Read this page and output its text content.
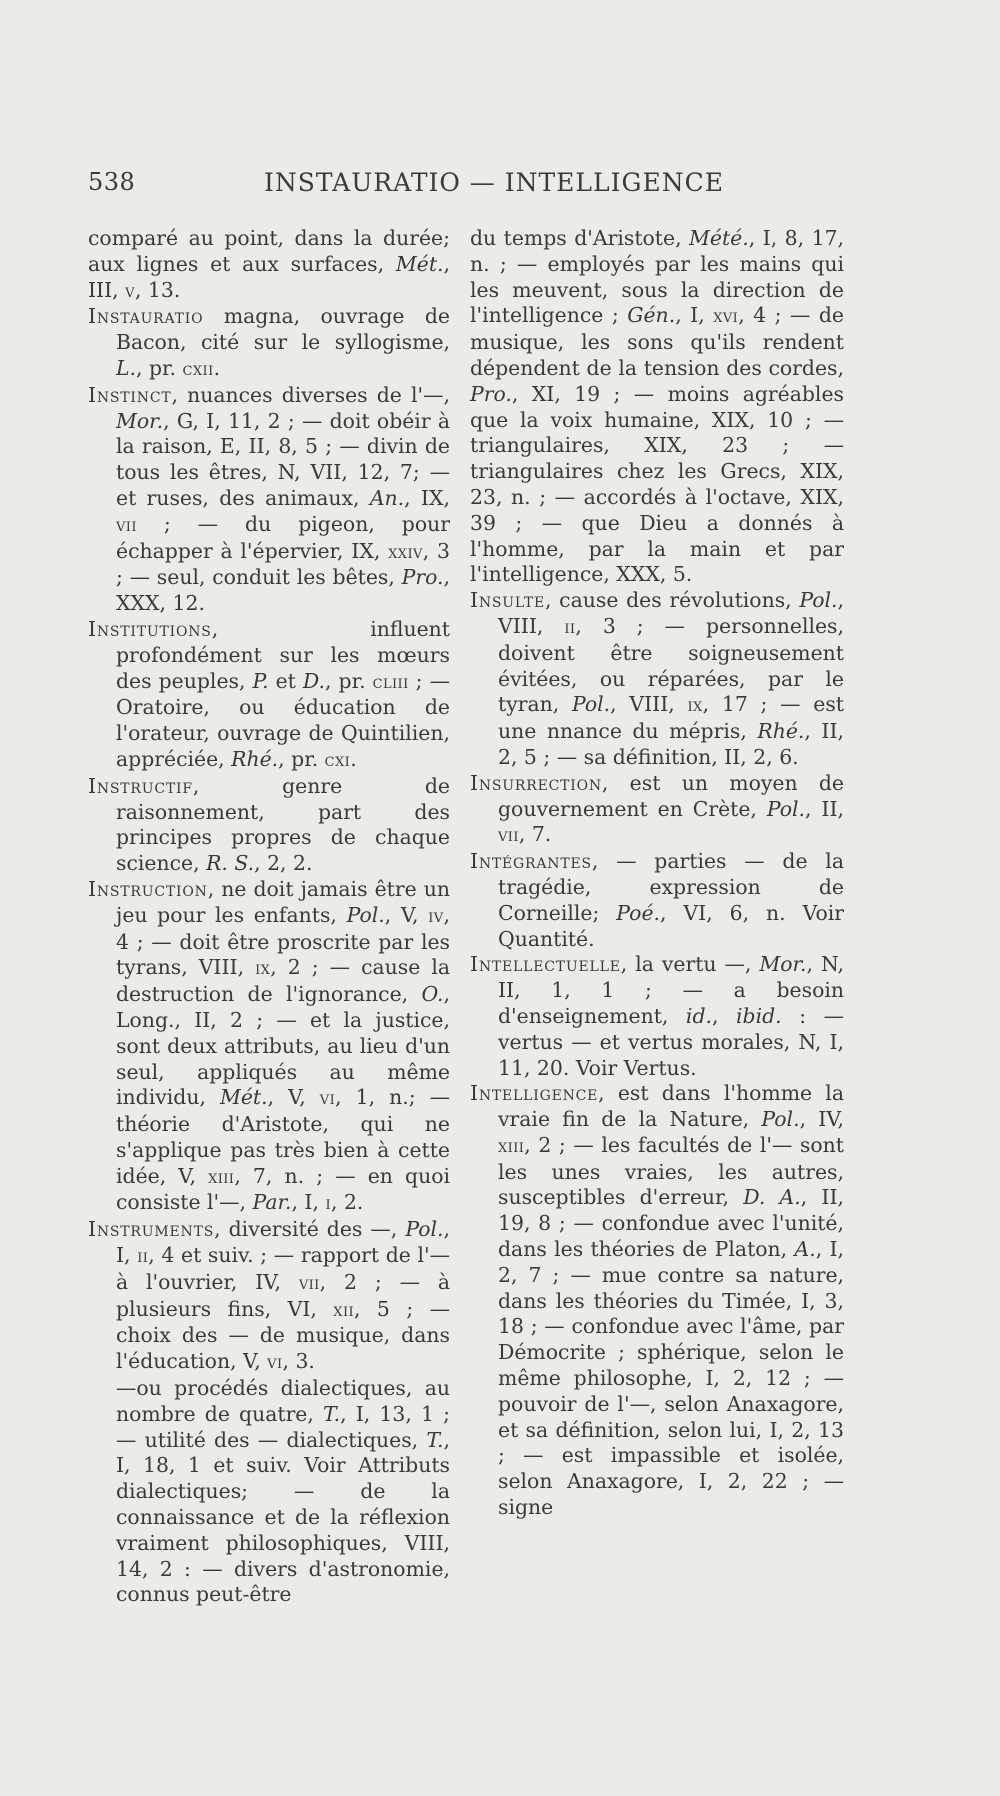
538	INSTAURATIO — INTELLIGENCE

comparé au point, dans la durée; aux lignes et aux surfaces, Mét., III, v, 13.

Instauratio magna, ouvrage de Bacon, cité sur le syllogisme, L., pr. cxii.

Instinct, nuances diverses de l'—, Mor., G, I, 11, 2 ; — doit obéir à la raison, E, II, 8, 5 ; — divin de tous les êtres, N, VII, 12, 7; — et ruses, des animaux, An., IX, vii ; — du pigeon, pour échapper à l'épervier, IX, xxiv, 3 ; — seul, conduit les bêtes, Pro., XXX, 12.

Institutions, influent profondément sur les mœurs des peuples, P. et D., pr. cliii ; — Oratoire, ou éducation de l'orateur, ouvrage de Quintilien, appréciée, Rhé., pr. cxi.

Instructif, genre de raisonnement, part des principes propres de chaque science, R. S., 2, 2.

Instruction, ne doit jamais être un jeu pour les enfants, Pol., V, iv, 4 ; — doit être proscrite par les tyrans, VIII, ix, 2 ; — cause la destruction de l'ignorance, O., Long., II, 2 ; — et la justice, sont deux attributs, au lieu d'un seul, appliqués au même individu, Mét., V, vi, 1, n.; — théorie d'Aristote, qui ne s'applique pas très bien à cette idée, V, xiii, 7, n. ; — en quoi consiste l'—, Par., I, i, 2.

Instruments, diversité des —, Pol., I, ii, 4 et suiv. ; — rapport de l'— à l'ouvrier, IV, vii, 2 ; — à plusieurs fins, VI, xii, 5 ; — choix des — de musique, dans l'éducation, V, vi, 3.

—ou procédés dialectiques, au nombre de quatre, T., I, 13, 1 ; — utilité des — dialectiques, T., I, 18, 1 et suiv. Voir Attributs dialectiques; — de la connaissance et de la réflexion vraiment philosophiques, VIII, 14, 2 : — divers d'astronomie, connus peut-être

du temps d'Aristote, Mété., I, 8, 17, n. ; — employés par les mains qui les meuvent, sous la direction de l'intelligence ; Gén., I, xvi, 4 ; — de musique, les sons qu'ils rendent dépendent de la tension des cordes, Pro., XI, 19 ; — moins agréables que la voix humaine, XIX, 10 ; — triangulaires, XIX, 23 ; — triangulaires chez les Grecs, XIX, 23, n. ; — accordés à l'octave, XIX, 39 ; — que Dieu a donnés à l'homme, par la main et par l'intelligence, XXX, 5.

Insulte, cause des révolutions, Pol., VIII, ii, 3 ; — personnelles, doivent être soigneusement évitées, ou réparées, par le tyran, Pol., VIII, ix, 17 ; — est une nnance du mépris, Rhé., II, 2, 5 ; — sa définition, II, 2, 6.

Insurrection, est un moyen de gouvernement en Crète, Pol., II, vii, 7.

Intégrantes, — parties — de la tragédie, expression de Corneille; Poé., VI, 6, n. Voir Quantité.

Intellectuelle, la vertu —, Mor., N, II, 1, 1 ; — a besoin d'enseignement, id., ibid. : — vertus — et vertus morales, N, I, 11, 20. Voir Vertus.

Intelligence, est dans l'homme la vraie fin de la Nature, Pol., IV, xiii, 2 ; — les facultés de l'— sont les unes vraies, les autres, susceptibles d'erreur, D. A., II, 19, 8 ; — confondue avec l'unité, dans les théories de Platon, A., I, 2, 7 ; — mue contre sa nature, dans les théories du Timée, I, 3, 18 ; — confondue avec l'âme, par Démocrite ; sphérique, selon le même philosophe, I, 2, 12 ; — pouvoir de l'—, selon Anaxagore, et sa définition, selon lui, I, 2, 13 ; — est impassible et isolée, selon Anaxagore, I, 2, 22 ; — signe
